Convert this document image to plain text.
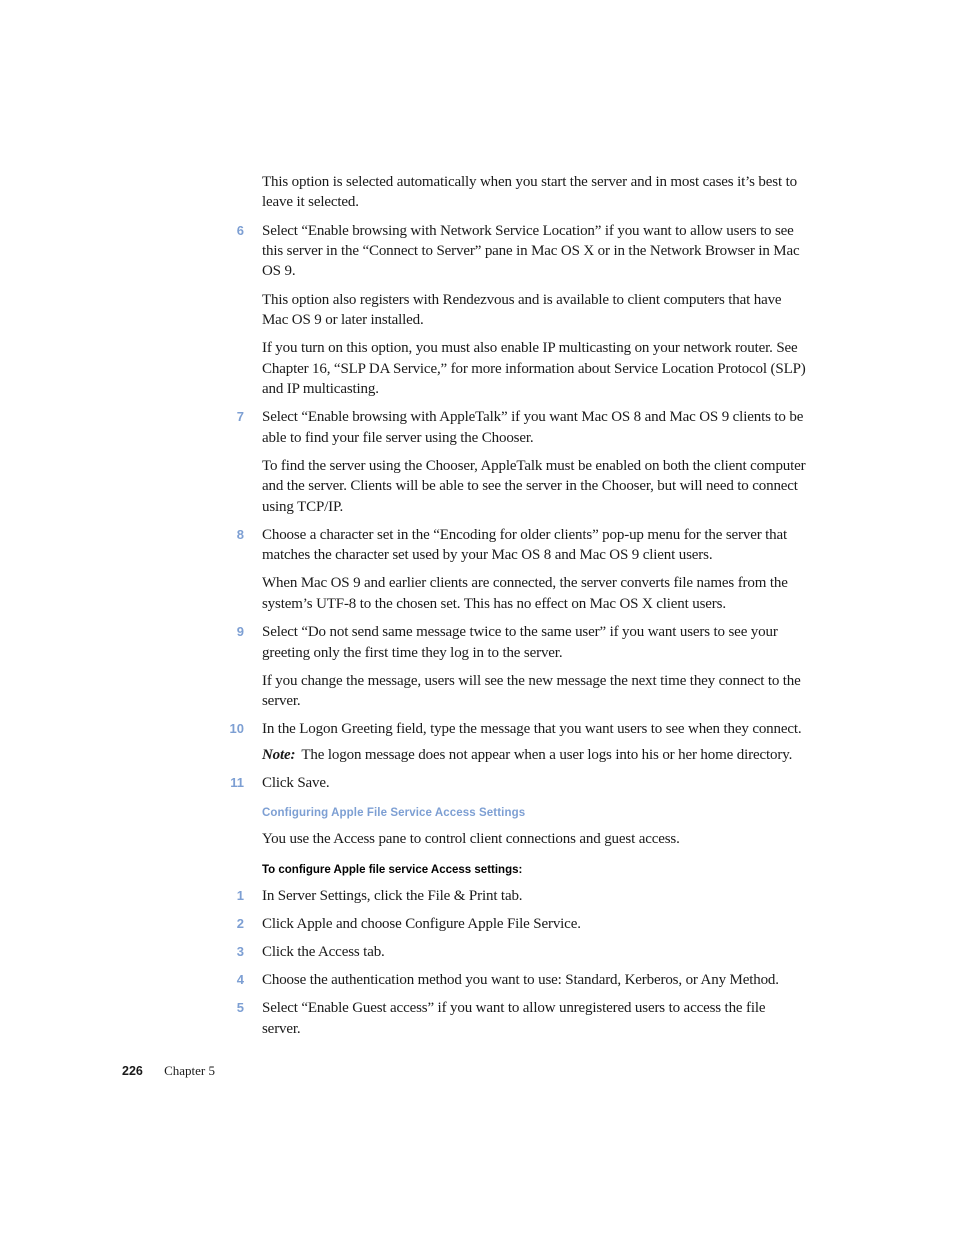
This option is selected automatically when you start the server and in most cases it’s best to leave it selected.

6 Select “Enable browsing with Network Service Location” if you want to allow users to see this server in the “Connect to Server” pane in Mac OS X or in the Network Browser in Mac OS 9.

This option also registers with Rendezvous and is available to client computers that have Mac OS 9 or later installed.

If you turn on this option, you must also enable IP multicasting on your network router. See Chapter 16, “SLP DA Service,” for more information about Service Location Protocol (SLP) and IP multicasting.

7 Select “Enable browsing with AppleTalk” if you want Mac OS 8 and Mac OS 9 clients to be able to find your file server using the Chooser.

To find the server using the Chooser, AppleTalk must be enabled on both the client computer and the server. Clients will be able to see the server in the Chooser, but will need to connect using TCP/IP.

8 Choose a character set in the “Encoding for older clients” pop-up menu for the server that matches the character set used by your Mac OS 8 and Mac OS 9 client users.

When Mac OS 9 and earlier clients are connected, the server converts file names from the system’s UTF-8 to the chosen set. This has no effect on Mac OS X client users.

9 Select “Do not send same message twice to the same user” if you want users to see your greeting only the first time they log in to the server.

If you change the message, users will see the new message the next time they connect to the server.

10 In the Logon Greeting field, type the message that you want users to see when they connect.

Note: The logon message does not appear when a user logs into his or her home directory.

11 Click Save.

Configuring Apple File Service Access Settings

You use the Access pane to control client connections and guest access.

To configure Apple file service Access settings:
1 In Server Settings, click the File & Print tab.

2 Click Apple and choose Configure Apple File Service.

3 Click the Access tab.

4 Choose the authentication method you want to use: Standard, Kerberos, or Any Method.

5 Select “Enable Guest access” if you want to allow unregistered users to access the file server.

226 Chapter 5
